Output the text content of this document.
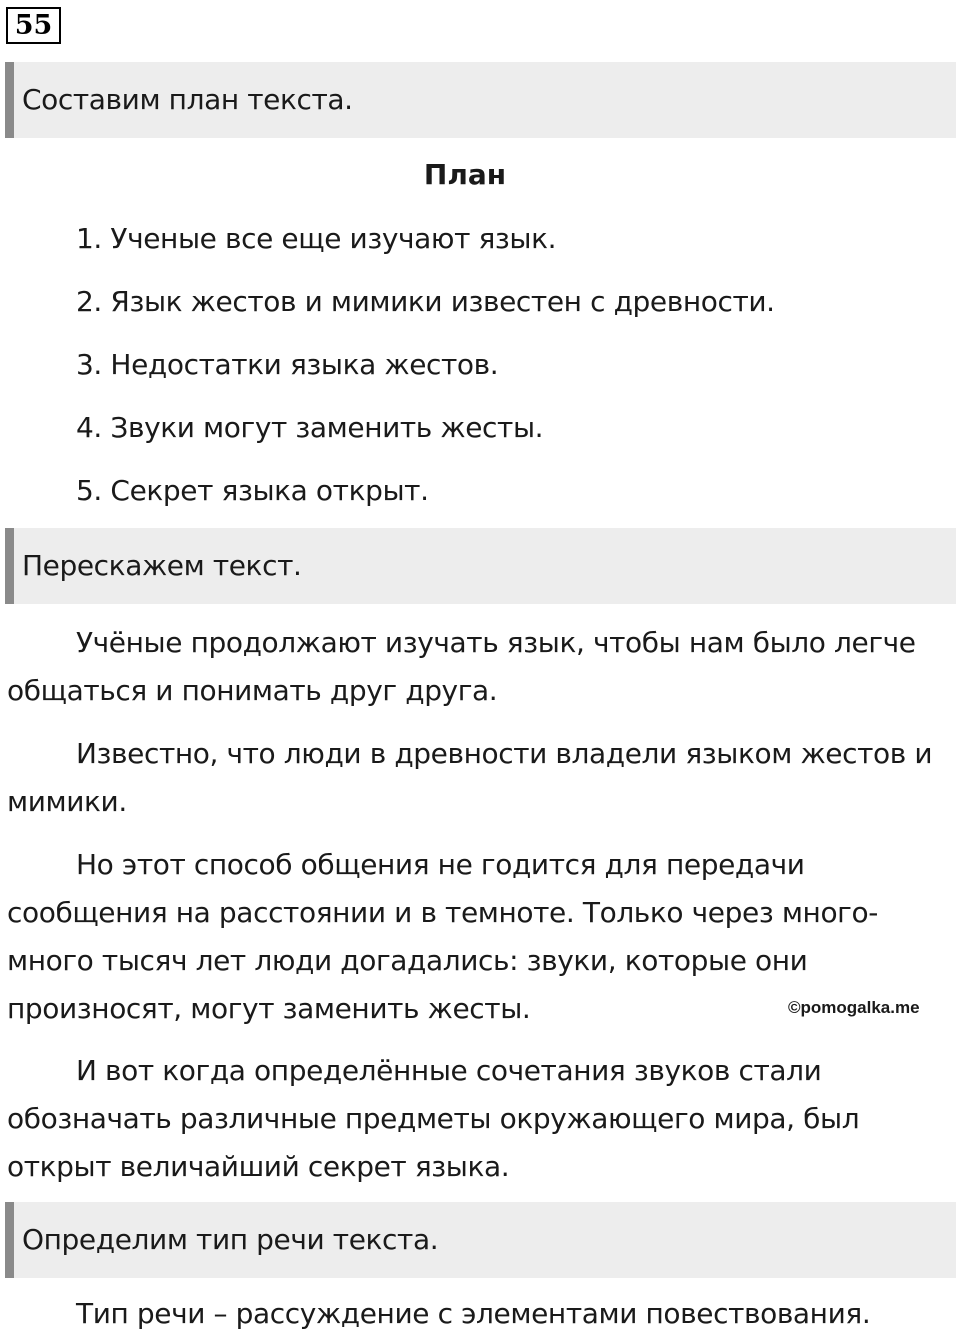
55
Составим план текста.
План
1. Ученые все еще изучают язык.
2. Язык жестов и мимики известен с древности.
3. Недостатки языка жестов.
4. Звуки могут заменить жесты.
5. Секрет языка открыт.
Перескажем текст.

Учёные продолжают изучать язык, чтобы нам было легче общаться и понимать друг друга.

Известно, что люди в древности владели языком жестов и мимики.

Но этот способ общения не годится для передачи сообщения на расстоянии и в темноте. Только через много-много тысяч лет люди догадались: звуки, которые они произносят, могут заменить жесты.	©pomogalka.me

И вот когда определённые сочетания звуков стали обозначать различные предметы окружающего мира, был открыт величайший секрет языка.

Определим тип речи текста.

Тип речи – рассуждение с элементами повествования.
